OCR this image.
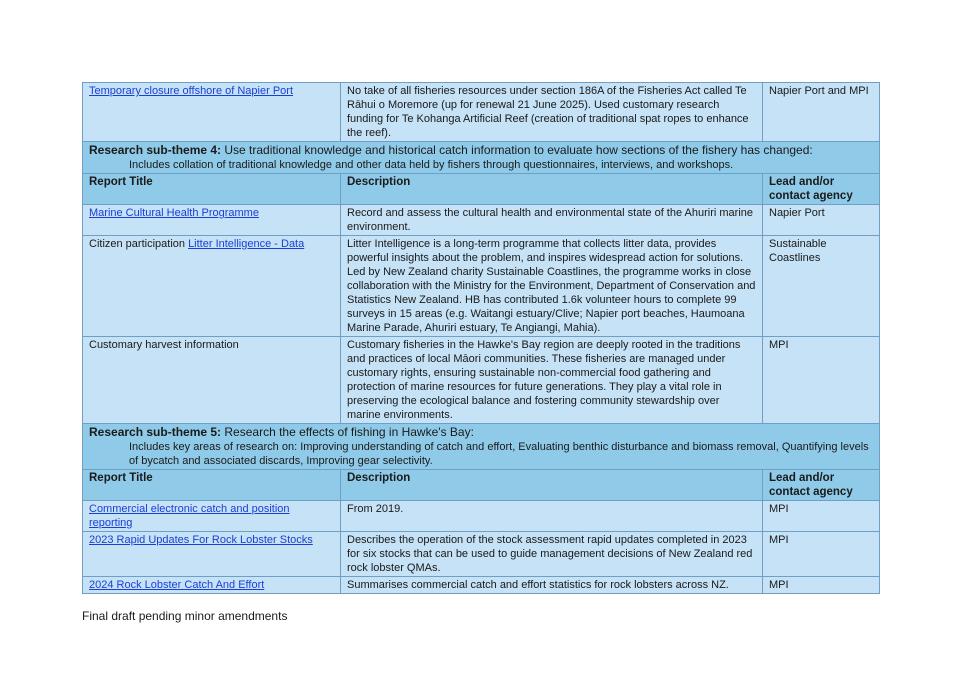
Temporary closure offshore of Napier Port	No take of all fisheries resources under section 186A of the Fisheries Act called Te Rāhui o Moremore (up for renewal 21 June 2025). Used customary research funding for Te Kohanga Artificial Reef (creation of traditional spat ropes to enhance the reef).	Napier Port and MPI

Research sub-theme 4: Use traditional knowledge and historical catch information to evaluate how sections of the fishery has changed:
Includes collation of traditional knowledge and other data held by fishers through questionnaires, interviews, and workshops.		

Report Title	Description	Lead and/or contact agency
Marine Cultural Health Programme	Record and assess the cultural health and environmental state of the Ahuriri marine environment.	Napier Port
Citizen participation Litter Intelligence - Data	Litter Intelligence is a long-term programme that collects litter data, provides powerful insights about the problem, and inspires widespread action for solutions. Led by New Zealand charity Sustainable Coastlines, the programme works in close collaboration with the Ministry for the Environment, Department of Conservation and Statistics New Zealand. HB has contributed 1.6k volunteer hours to complete 99 surveys in 15 areas (e.g. Waitangi estuary/Clive; Napier port beaches, Haumoana Marine Parade, Ahuriri estuary, Te Angiangi, Mahia).	Sustainable Coastlines
Customary harvest information	Customary fisheries in the Hawke's Bay region are deeply rooted in the traditions and practices of local Māori communities. These fisheries are managed under customary rights, ensuring sustainable non-commercial food gathering and protection of marine resources for future generations. They play a vital role in preserving the ecological balance and fostering community stewardship over marine environments.	MPI

Research sub-theme 5: Research the effects of fishing in Hawke's Bay:
Includes key areas of research on: Improving understanding of catch and effort, Evaluating benthic disturbance and biomass removal, Quantifying levels of bycatch and associated discards, Improving gear selectivity.		

Report Title	Description	Lead and/or contact agency
Commercial electronic catch and position reporting	From 2019.	MPI
2023 Rapid Updates For Rock Lobster Stocks	Describes the operation of the stock assessment rapid updates completed in 2023 for six stocks that can be used to guide management decisions of New Zealand red rock lobster QMAs.	MPI
2024 Rock Lobster Catch And Effort	Summarises commercial catch and effort statistics for rock lobsters across NZ.	MPI
Final draft pending minor amendments
